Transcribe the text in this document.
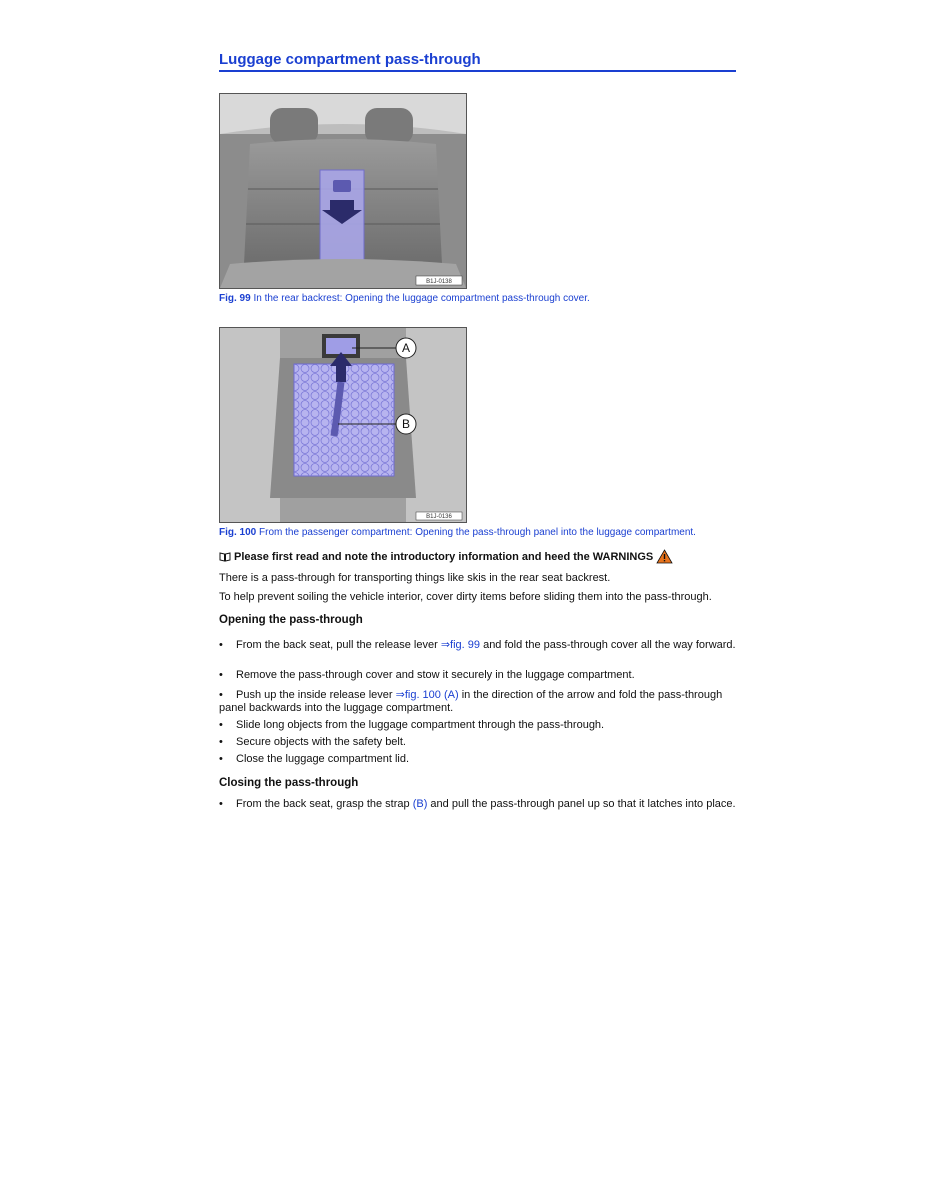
Luggage compartment pass-through
B1J-0138
Fig. 99 In the rear backrest: Opening the luggage compartment pass-through cover.
A
B
B1J-0136
Fig. 100 From the passenger compartment: Opening the pass-through panel into the luggage compartment.
Please first read and note the introductory information and heed the WARNINGS
There is a pass-through for transporting things like skis in the rear seat backrest.
To help prevent soiling the vehicle interior, cover dirty items before sliding them into the pass-through.
Opening the pass-through
• From the back seat, pull the release lever ⇒fig. 99 and fold the pass-through cover all the way forward.
• Remove the pass-through cover and stow it securely in the luggage compartment.
• Push up the inside release lever ⇒fig. 100 (A) in the direction of the arrow and fold the pass-through panel backwards into the luggage compartment.
• Slide long objects from the luggage compartment through the pass-through.
• Secure objects with the safety belt.
• Close the luggage compartment lid.
Closing the pass-through
• From the back seat, grasp the strap (B) and pull the pass-through panel up so that it latches into place.
